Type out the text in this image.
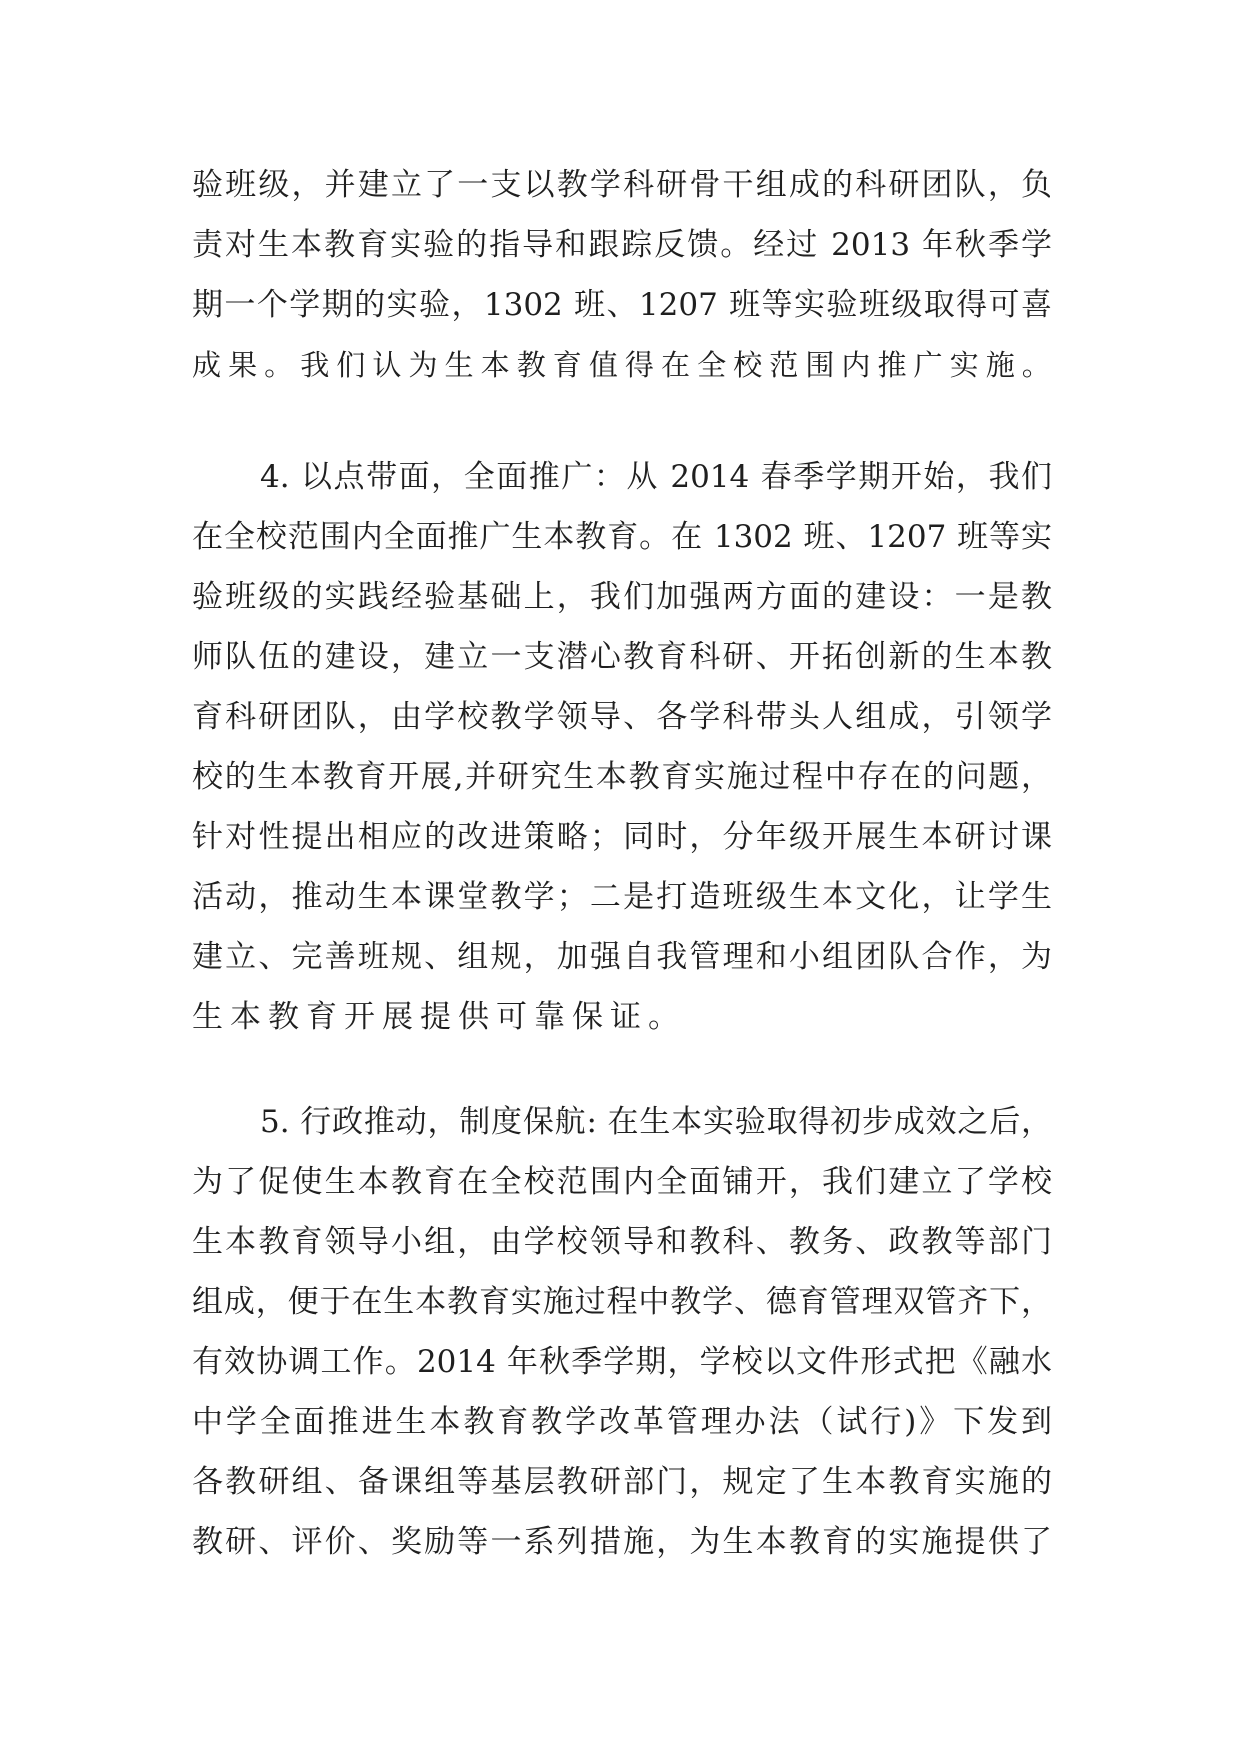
验班级，并建立了一支以教学科研骨干组成的科研团队，负
责对生本教育实验的指导和跟踪反馈。经过 2013 年秋季学
期一个学期的实验，1302 班、1207 班等实验班级取得可喜
成果。我们认为生本教育值得在全校范围内推广实施。
4. 以点带面，全面推广：从 2014 春季学期开始，我们
在全校范围内全面推广生本教育。在 1302 班、1207 班等实
验班级的实践经验基础上，我们加强两方面的建设：一是教
师队伍的建设，建立一支潜心教育科研、开拓创新的生本教
育科研团队，由学校教学领导、各学科带头人组成，引领学
校的生本教育开展,并研究生本教育实施过程中存在的问题，
针对性提出相应的改进策略；同时，分年级开展生本研讨课
活动，推动生本课堂教学；二是打造班级生本文化，让学生
建立、完善班规、组规，加强自我管理和小组团队合作，为
生本教育开展提供可靠保证。
5. 行政推动，制度保航: 在生本实验取得初步成效之后，
为了促使生本教育在全校范围内全面铺开，我们建立了学校
生本教育领导小组，由学校领导和教科、教务、政教等部门
组成，便于在生本教育实施过程中教学、德育管理双管齐下，
有效协调工作。2014 年秋季学期，学校以文件形式把《融水
中学全面推进生本教育教学改革管理办法（试行)》下发到
各教研组、备课组等基层教研部门，规定了生本教育实施的
教研、评价、奖励等一系列措施，为生本教育的实施提供了
